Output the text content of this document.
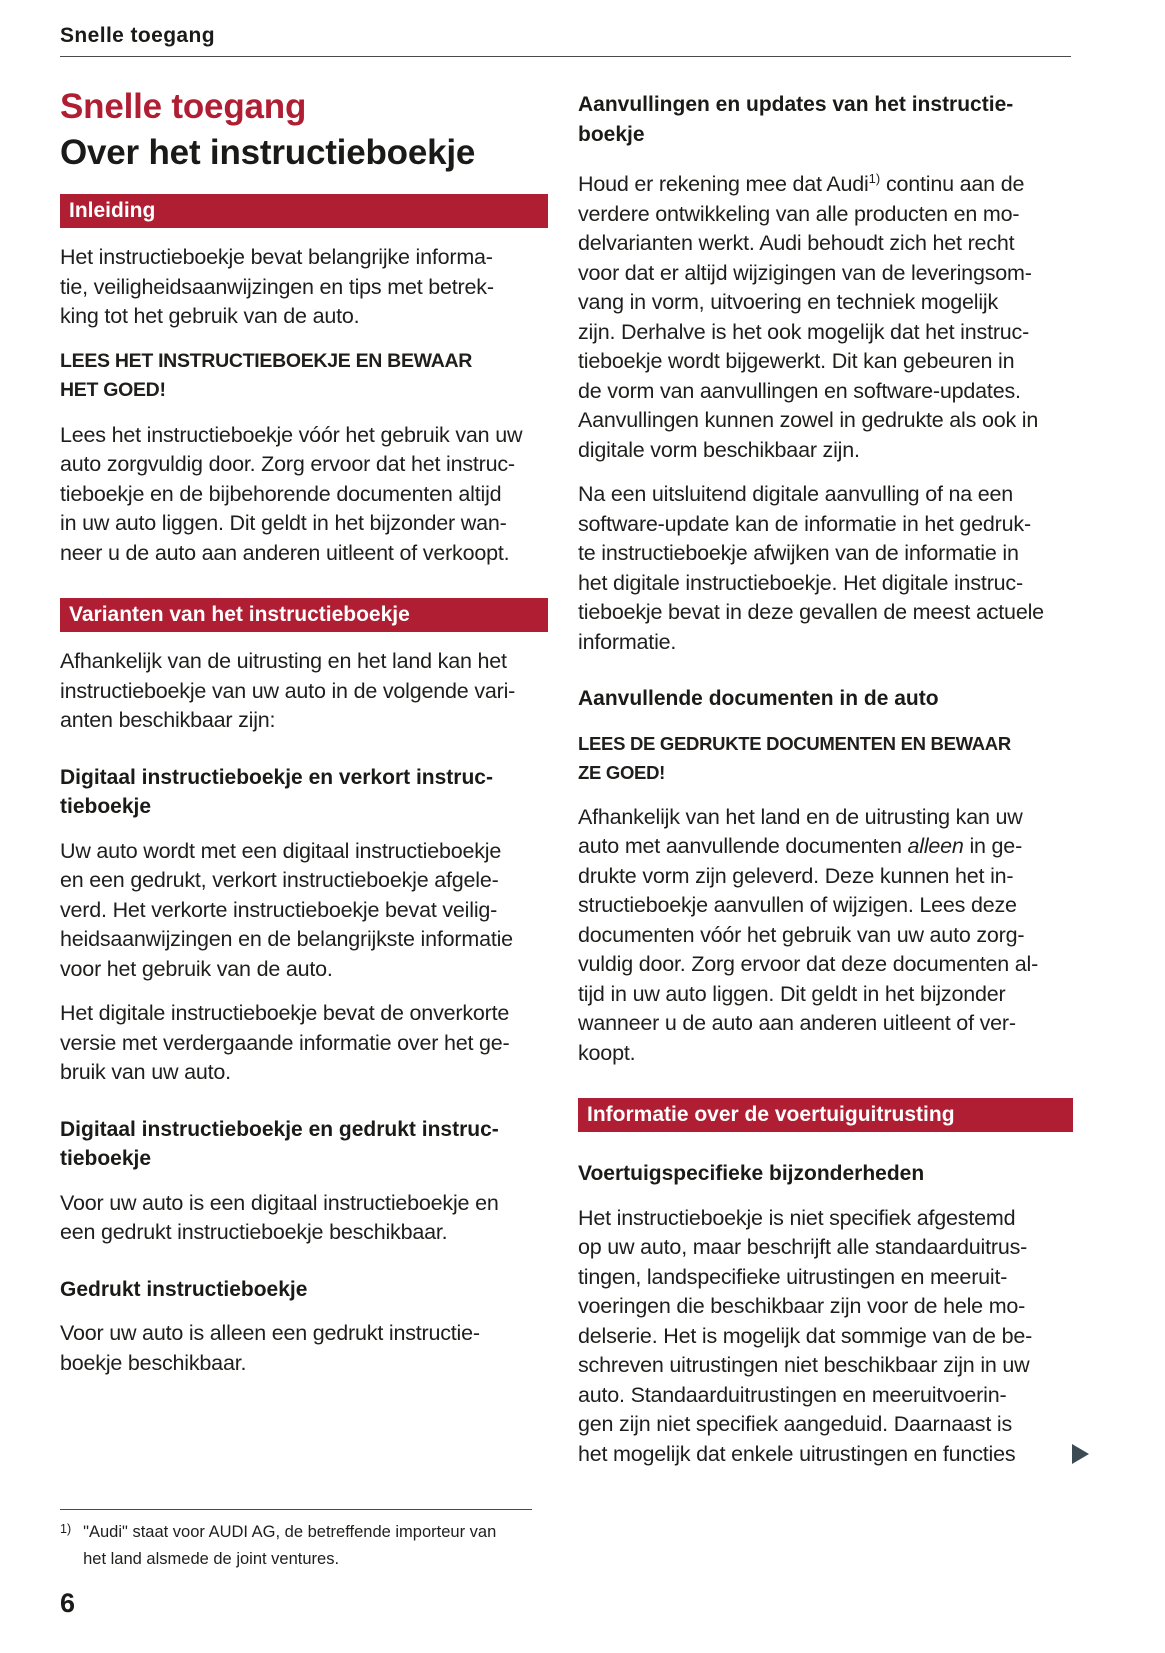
Snelle toegang
Snelle toegang
Over het instructieboekje
Inleiding

Het instructieboekje bevat belangrijke informa-
tie, veiligheidsaanwijzingen en tips met betrek-
king tot het gebruik van de auto.

LEES HET INSTRUCTIEBOEKJE EN BEWAAR
HET GOED!

Lees het instructieboekje vóór het gebruik van uw
auto zorgvuldig door. Zorg ervoor dat het instruc-
tieboekje en de bijbehorende documenten altijd
in uw auto liggen. Dit geldt in het bijzonder wan-
neer u de auto aan anderen uitleent of verkoopt.

Varianten van het instructieboekje

Afhankelijk van de uitrusting en het land kan het
instructieboekje van uw auto in de volgende vari-
anten beschikbaar zijn:

Digitaal instructieboekje en verkort instruc-
tieboekje

Uw auto wordt met een digitaal instructieboekje
en een gedrukt, verkort instructieboekje afgele-
verd. Het verkorte instructieboekje bevat veilig-
heidsaanwijzingen en de belangrijkste informatie
voor het gebruik van de auto.

Het digitale instructieboekje bevat de onverkorte
versie met verdergaande informatie over het ge-
bruik van uw auto.

Digitaal instructieboekje en gedrukt instruc-
tieboekje

Voor uw auto is een digitaal instructieboekje en
een gedrukt instructieboekje beschikbaar.

Gedrukt instructieboekje

Voor uw auto is alleen een gedrukt instructie-
boekje beschikbaar.

Aanvullingen en updates van het instructie-
boekje

Houd er rekening mee dat Audi$^{1)}$ continu aan de
verdere ontwikkeling van alle producten en mo-
delvarianten werkt. Audi behoudt zich het recht
voor dat er altijd wijzigingen van de leveringsom-
vang in vorm, uitvoering en techniek mogelijk
zijn. Derhalve is het ook mogelijk dat het instruc-
tieboekje wordt bijgewerkt. Dit kan gebeuren in
de vorm van aanvullingen en software-updates.
Aanvullingen kunnen zowel in gedrukte als ook in
digitale vorm beschikbaar zijn.

Na een uitsluitend digitale aanvulling of na een
software-update kan de informatie in het gedruk-
te instructieboekje afwijken van de informatie in
het digitale instructieboekje. Het digitale instruc-
tieboekje bevat in deze gevallen de meest actuele
informatie.

Aanvullende documenten in de auto

LEES DE GEDRUKTE DOCUMENTEN EN BEWAAR
ZE GOED!

Afhankelijk van het land en de uitrusting kan uw
auto met aanvullende documenten alleen in ge-
drukte vorm zijn geleverd. Deze kunnen het in-
structieboekje aanvullen of wijzigen. Lees deze
documenten vóór het gebruik van uw auto zorg-
vuldig door. Zorg ervoor dat deze documenten al-
tijd in uw auto liggen. Dit geldt in het bijzonder
wanneer u de auto aan anderen uitleent of ver-
koopt.

Informatie over de voertuiguitrusting
Voertuigspecifieke bijzonderheden

Het instructieboekje is niet specifiek afgestemd
op uw auto, maar beschrijft alle standaarduitrus-
tingen, landspecifieke uitrustingen en meeruit-
voeringen die beschikbaar zijn voor de hele mo-
delserie. Het is mogelijk dat sommige van de be-
schreven uitrustingen niet beschikbaar zijn in uw
auto. Standaarduitrustingen en meeruitvoerin-
gen zijn niet specifiek aangeduid. Daarnaast is
het mogelijk dat enkele uitrustingen en functies

1) "Audi" staat voor AUDI AG, de betreffende importeur van
het land alsmede de joint ventures.
6
